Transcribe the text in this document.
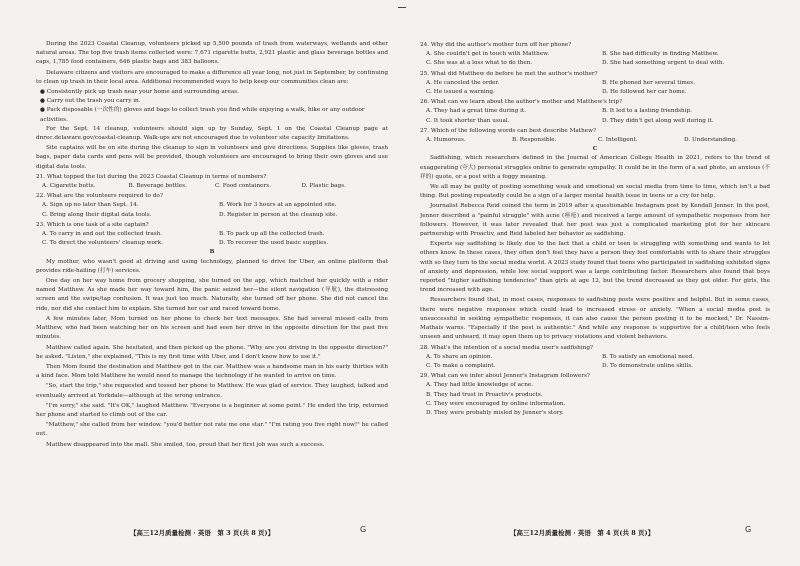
During the 2023 Coastal Cleanup, volunteers picked up 5,500 pounds of trash from waterways, wetlands and other natural areas. The top five trash items collected were: 7,671 cigarette butts, 2,921 plastic and glass beverage bottles and caps, 1,785 food containers, 646 plastic bags and 383 balloons.

Delaware citizens and visitors are encouraged to make a difference all year long, not just in September, by continuing to clean up trash in their local area. Additional recommended ways to help keep our communities clean are:

● Consistently pick up trash near your home and surrounding areas.
● Carry out the trash you carry in.
● Pack disposable (一次性的) gloves and bags to collect trash you find while enjoying a walk, hike or any outdoor activities.

For the Sept. 14 cleanup, volunteers should sign up by Sunday, Sept. 1 on the Coastal Cleanup page at dnrec.delaware.gov/coastal-cleanup. Walk-ups are not encouraged due to volunteer site capacity limitations.

Site captains will be on site during the cleanup to sign in volunteers and give directions. Supplies like gloves, trash bags, paper data cards and pens will be provided, though volunteers are encouraged to bring their own gloves and use digital data tools.

21. What topped the list during the 2023 Coastal Cleanup in terms of numbers?
A. Cigarette butts.	B. Beverage bottles.	C. Food containers.	D. Plastic bags.
22. What are the volunteers required to do?
A. Sign up no later than Sept. 14.	B. Work for 3 hours at an appointed site.
C. Bring along their digital data tools.	D. Register in person at the cleanup site.
23. Which is one task of a site captain?
A. To carry in and out the collected trash.	B. To pack up all the collected trash.
C. To direct the volunteers' cleanup work.	D. To recover the used basic supplies.
B

My mother, who wasn't good at driving and using technology, planned to drive for Uber, an online platform that provides ride-hailing (打车) services.

One day on her way home from grocery shopping, she turned on the app, which matched her quickly with a rider named Matthew. As she made her way toward him, the panic seized her—the silent navigation (导航), the distressing screen and the swipe/tap confusion. It was just too much. Naturally, she turned off her phone. She did not cancel the ride, nor did she contact him to explain. She turned her car and raced toward home.

A few minutes later, Mom turned on her phone to check her text messages. She had several missed calls from Matthew, who had been watching her on his screen and had seen her drive in the opposite direction for the past five minutes.

Matthew called again. She hesitated, and then picked up the phone. "Why are you driving in the opposite direction?" he asked. "Listen," she explained, "This is my first time with Uber, and I don't know how to use it."

Then Mom found the destination and Matthew got in the car. Matthew was a handsome man in his early thirties with a kind face. Mom told Matthew he would need to manage the technology if he wanted to arrive on time.

"So, start the trip," she requested and tossed her phone to Matthew. He was glad of service. They laughed, talked and eventually arrived at Yorkdale—although at the wrong entrance.

"I'm sorry," she said. "It's OK," laughed Matthew. "Everyone is a beginner at some point." He ended the trip, returned her phone and started to climb out of the car.

"Matthew," she called from her window. "you'd better not rate me one star." "I'm rating you five right now!" he called out.

Matthew disappeared into the mall. She smiled, too, proud that her first job was such a success.

24. Why did the author's mother turn off her phone?
A. She couldn't get in touch with Matthew.	B. She had difficulty in finding Matthew.
C. She was at a loss what to do then.	D. She had something urgent to deal with.
25. What did Matthew do before he met the author's mother?
A. He canceled the order.	B. He phoned her several times.
C. He issued a warning.	D. He followed her car home.
26. What can we learn about the author's mother and Matthew's trip?
A. They had a great time during it.	B. It led to a lasting friendship.
C. It took shorter than usual.	D. They didn't get along well during it.
27. Which of the following words can best describe Mathew?
A. Humorous.	B. Responsible.	C. Intelligent.	D. Understanding.
C

Sadfishing, which researchers defined in the Journal of American College Health in 2021, refers to the trend of exaggerating (夸大) personal struggles online to generate sympathy. It could be in the form of a sad photo, an anxious (不祥的) quote, or a post with a foggy meaning.

We all may be guilty of posting something weak and emotional on social media from time to time, which isn't a bad thing. But posting repeatedly could be a sign of a larger mental health issue in teens or a cry for help.

Journalist Rebecca Reid coined the term in 2019 after a questionable Instagram post by Kendall Jenner. In the post, Jenner described a "painful struggle" with acne (痤疮) and received a large amount of sympathetic responses from her followers. However, it was later revealed that her post was just a complicated marketing plot for her skincare partnership with Proactiv, and Reid labeled her behavior as sadfishing.

Experts say sadfishing is likely due to the fact that a child or teen is struggling with something and wants to let others know. In these cases, they often don't feel they have a person they feel comfortable with to share their struggles with so they turn to the social media world. A 2023 study found that teens who participated in sadfishing exhibited signs of anxiety and depression, while low social support was a large contributing factor. Researchers also found that boys reported "higher sadfishing tendencies" than girls at age 12, but the trend decreased as they got older. For girls, the trend increased with age.

Researchers found that, in most cases, responses to sadfishing posts were positive and helpful. But in some cases, there were negative responses which could lead to increased stress or anxiety. "When a social media post is unsuccessful in seeking sympathetic responses, it can also cause the person posting it to be mocked," Dr. Nassim-Mathais warns. "Especially if the post is authentic." And while any response is supportive for a child/teen who feels unseen and unheard, it may open them up to privacy violations and violent behaviors.

28. What's the intention of a social media user's sadfishing?
A. To share an opinion.	B. To satisfy an emotional need.
C. To make a complaint.	D. To demonstrate online skills.
29. What can we infer about Jenner's Instagram followers?
A. They had little knowledge of acne.
B. They had trust in Proactiv's products.
C. They were encouraged by online information.
D. They were probably misled by Jenner's story.
【高三12月质量检测 · 英语　第 3 页(共 8 页)】	【高三12月质量检测 · 英语　第 4 页(共 8 页)】
G	G
